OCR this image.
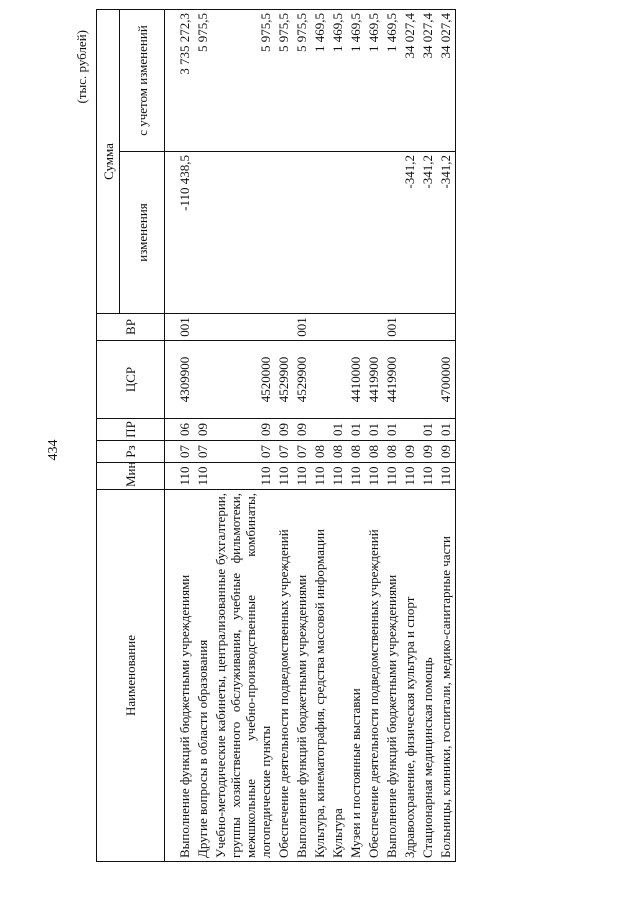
434
(тыс. рублей)
Наименование	Мин	Рз	ПР	ЦСР	ВР	Сумма	
						изменения	с учетом изменений

Выполнение функций бюджетными учреждениями	110	07	06	4309900	001	-110 438,5	3 735 272,3
Другие вопросы в области образования	110	07	09				5 975,5
Учебно-методические кабинеты, централизованные бухгалтерии, группы хозяйственного обслуживания, учебные фильмотеки, межшкольные учебно-производственные комбинаты, логопедические пункты	110	07	09	4520000			5 975,5
Обеспечение деятельности подведомственных учреждений	110	07	09	4529900			5 975,5
Выполнение функций бюджетными учреждениями	110	07	09	4529900	001		5 975,5
Культура, кинематография, средства массовой информации	110	08					1 469,5
Культура	110	08	01				1 469,5
Музеи и постоянные выставки	110	08	01	4410000			1 469,5
Обеспечение деятельности подведомственных учреждений	110	08	01	4419900			1 469,5
Выполнение функций бюджетными учреждениями	110	08	01	4419900	001		1 469,5
Здравоохранение, физическая культура и спорт	110	09				-341,2	34 027,4
Стационарная медицинская помощь	110	09	01			-341,2	34 027,4
Больницы, клиники, госпитали, медико-санитарные части	110	09	01	4700000		-341,2	34 027,4
